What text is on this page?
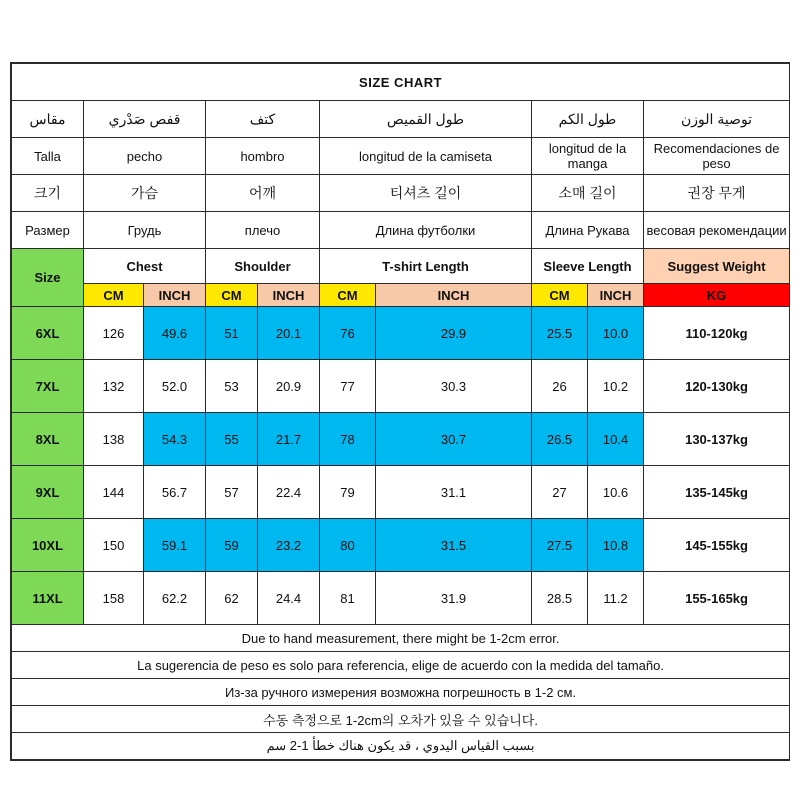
SIZE CHART									
مقاس	قفص صَدْري		كتف		طول القميص		طول الكم		توصية الوزن
Talla	pecho		hombro		longitud de la camiseta		longitud de la manga		Recomendaciones de peso
크기	가슴		어깨		티셔츠 길이		소매 길이		권장 무게
Размер	Грудь		плечо		Длина футболки		Длина Рукава		весовая рекомендации
Size	Chest		Shoulder		T-shirt Length		Sleeve Length		Suggest Weight
	CM	INCH	CM	INCH	CM	INCH	CM	INCH	KG
6XL	126	49.6	51	20.1	76	29.9	25.5	10.0	110-120kg
7XL	132	52.0	53	20.9	77	30.3	26	10.2	120-130kg
8XL	138	54.3	55	21.7	78	30.7	26.5	10.4	130-137kg
9XL	144	56.7	57	22.4	79	31.1	27	10.6	135-145kg
10XL	150	59.1	59	23.2	80	31.5	27.5	10.8	145-155kg
11XL	158	62.2	62	24.4	81	31.9	28.5	11.2	155-165kg
Due to hand measurement, there might be 1-2cm error.									
La sugerencia de peso es solo para referencia, elige de acuerdo con la medida del tamaño.									
Из-за ручного измерения возможна погрешность в 1-2 см.									
수동 측정으로 1-2cm의 오차가 있을 수 있습니다.									
بسبب القياس اليدوي ، قد يكون هناك خطأ 1-2 سم									
